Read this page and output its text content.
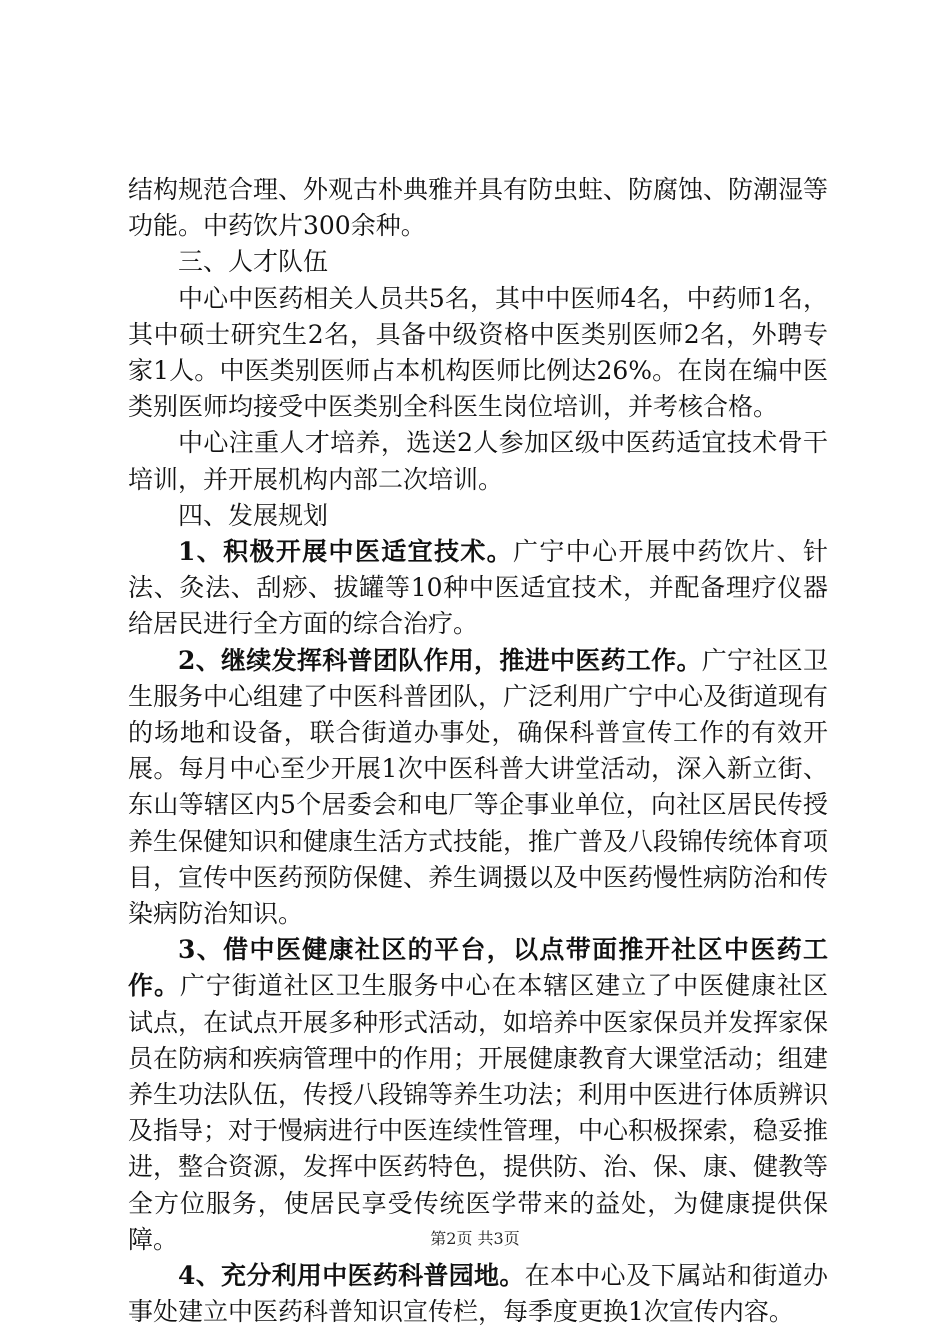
结构规范合理、外观古朴典雅并具有防虫蛀、防腐蚀、防潮湿等功能。中药饮片300余种。

三、人才队伍

中心中医药相关人员共5名，其中中医师4名，中药师1名，其中硕士研究生2名，具备中级资格中医类别医师2名，外聘专家1人。中医类别医师占本机构医师比例达26%。在岗在编中医类别医师均接受中医类别全科医生岗位培训，并考核合格。

中心注重人才培养，选送2人参加区级中医药适宜技术骨干培训，并开展机构内部二次培训。

四、发展规划

1、积极开展中医适宜技术。广宁中心开展中药饮片、针法、灸法、刮痧、拔罐等10种中医适宜技术，并配备理疗仪器给居民进行全方面的综合治疗。

2、继续发挥科普团队作用，推进中医药工作。广宁社区卫生服务中心组建了中医科普团队，广泛利用广宁中心及街道现有的场地和设备，联合街道办事处，确保科普宣传工作的有效开展。每月中心至少开展1次中医科普大讲堂活动，深入新立街、东山等辖区内5个居委会和电厂等企事业单位，向社区居民传授养生保健知识和健康生活方式技能，推广普及八段锦传统体育项目，宣传中医药预防保健、养生调摄以及中医药慢性病防治和传染病防治知识。

3、借中医健康社区的平台，以点带面推开社区中医药工作。广宁街道社区卫生服务中心在本辖区建立了中医健康社区试点，在试点开展多种形式活动，如培养中医家保员并发挥家保员在防病和疾病管理中的作用；开展健康教育大课堂活动；组建养生功法队伍，传授八段锦等养生功法；利用中医进行体质辨识及指导；对于慢病进行中医连续性管理，中心积极探索，稳妥推进，整合资源，发挥中医药特色，提供防、治、保、康、健教等全方位服务，使居民享受传统医学带来的益处，为健康提供保障。

4、充分利用中医药科普园地。在本中心及下属站和街道办事处建立中医药科普知识宣传栏，每季度更换1次宣传内容。

第2页 共3页
